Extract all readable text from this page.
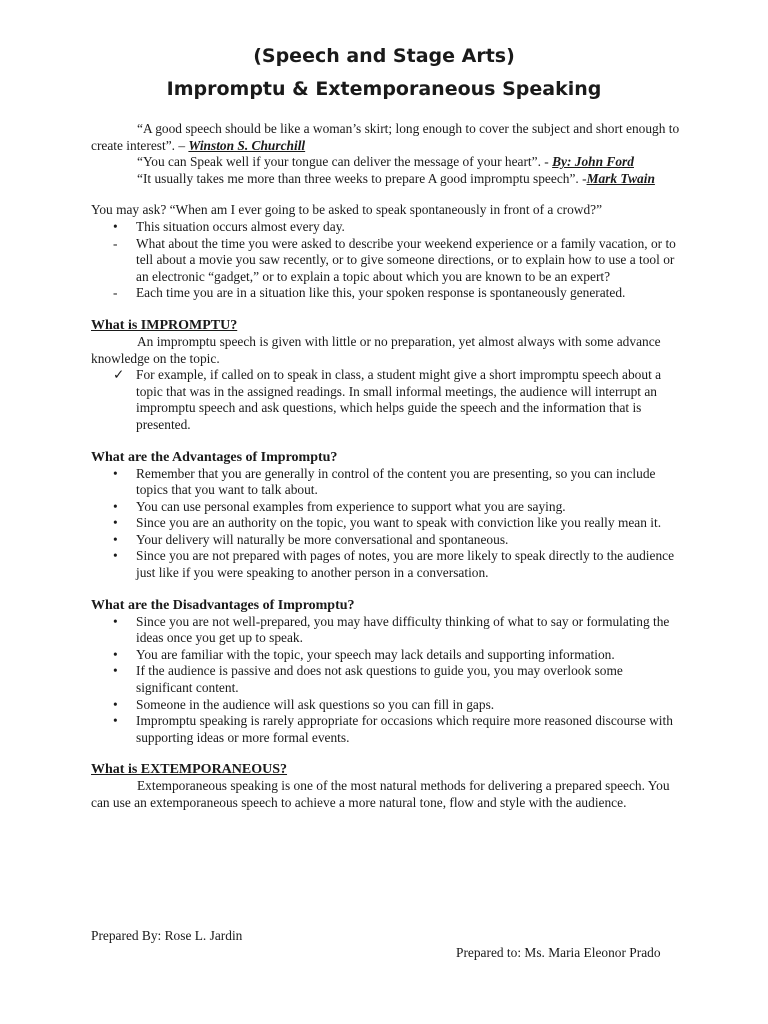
(Speech and Stage Arts)
Impromptu & Extemporaneous Speaking

“A good speech should be like a woman’s skirt; long enough to cover the subject and short enough to create interest”. – Winston S. Churchill

“You can Speak well if your tongue can deliver the message of your heart”. - By: John Ford

“It usually takes me more than three weeks to prepare A good impromptu speech”. -Mark Twain

You may ask? “When am I ever going to be asked to speak spontaneously in front of a crowd?”

•	This situation occurs almost every day.
-	What about the time you were asked to describe your weekend experience or a family vacation, or to tell about a movie you saw recently, or to give someone directions, or to explain how to use a tool or an electronic “gadget,” or to explain a topic about which you are known to be an expert?
-	Each time you are in a situation like this, your spoken response is spontaneously generated.

What is IMPROMPTU?

An impromptu speech is given with little or no preparation, yet almost always with some advance knowledge on the topic.

✓ For example, if called on to speak in class, a student might give a short impromptu speech about a topic that was in the assigned readings. In small informal meetings, the audience will interrupt an impromptu speech and ask questions, which helps guide the speech and the information that is presented.

What are the Advantages of Impromptu?

•	Remember that you are generally in control of the content you are presenting, so you can include topics that you want to talk about.
•	You can use personal examples from experience to support what you are saying.
•	Since you are an authority on the topic, you want to speak with conviction like you really mean it.
•	Your delivery will naturally be more conversational and spontaneous.
•	Since you are not prepared with pages of notes, you are more likely to speak directly to the audience just like if you were speaking to another person in a conversation.

What are the Disadvantages of Impromptu?

•	Since you are not well-prepared, you may have difficulty thinking of what to say or formulating the ideas once you get up to speak.
•	You are familiar with the topic, your speech may lack details and supporting information.
•	If the audience is passive and does not ask questions to guide you, you may overlook some significant content.
•	Someone in the audience will ask questions so you can fill in gaps.
•	Impromptu speaking is rarely appropriate for occasions which require more reasoned discourse with supporting ideas or more formal events.

What is EXTEMPORANEOUS?

Extemporaneous speaking is one of the most natural methods for delivering a prepared speech. You can use an extemporaneous speech to achieve a more natural tone, flow and style with the audience.

Prepared By: Rose L. Jardin
Prepared to: Ms. Maria Eleonor Prado
